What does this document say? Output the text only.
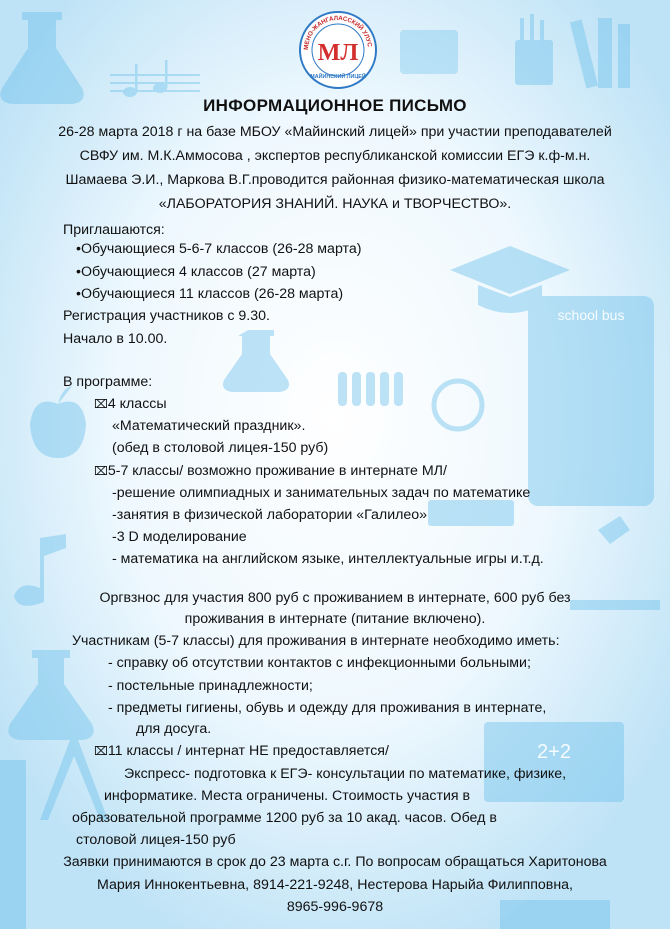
school bus
2+2
МЕНО-ЖАНГАЛАССКИЙ УЛУС
МЛ
МАЙИНСКИЙ ЛИЦЕЙ
ИНФОРМАЦИОННОЕ ПИСЬМО
26-28 марта 2018 г на базе МБОУ «Майинский лицей» при участии преподавателей
СВФУ им. М.К.Аммосова , экспертов республиканской комиссии ЕГЭ к.ф-м.н.
Шамаева Э.И., Маркова В.Г.проводится районная физико-математическая школа
«ЛАБОРАТОРИЯ ЗНАНИЙ. НАУКА и ТВОРЧЕСТВО».
Приглашаются:
•Обучающиеся 5-6-7 классов (26-28 марта)
•Обучающиеся 4 классов (27 марта)
•Обучающиеся 11 классов (26-28 марта)
Регистрация участников с 9.30.
Начало в 10.00.
В программе:
⌧4 классы
«Математический праздник».
(обед в столовой лицея-150 руб)
⌧5-7 классы/ возможно проживание в интернате МЛ/
-решение олимпиадных и занимательных задач по математике
-занятия в физической лаборатории «Галилео»
-3 D моделирование
- математика на английском языке, интеллектуальные игры и.т.д.
Оргвзнос для участия 800 руб с проживанием в интернате, 600 руб без
проживания в интернате (питание включено).
Участникам (5-7 классы) для проживания в интернате необходимо иметь:
- справку об отсутствии контактов с инфекционными больными;
- постельные принадлежности;
- предметы гигиены, обувь и одежду для проживания в интернате,
для досуга.
⌧11 классы / интернат НЕ предоставляется/
Экспресс- подготовка к ЕГЭ- консультации по математике, физике,
информатике. Места ограничены. Стоимость участия в
образовательной программе 1200 руб за 10 акад. часов. Обед в
столовой лицея-150 руб
Заявки принимаются в срок до 23 марта с.г. По вопросам обращаться Харитонова
Мария Иннокентьевна, 8914-221-9248, Нестерова Нарыйа Филипповна,
8965-996-9678
